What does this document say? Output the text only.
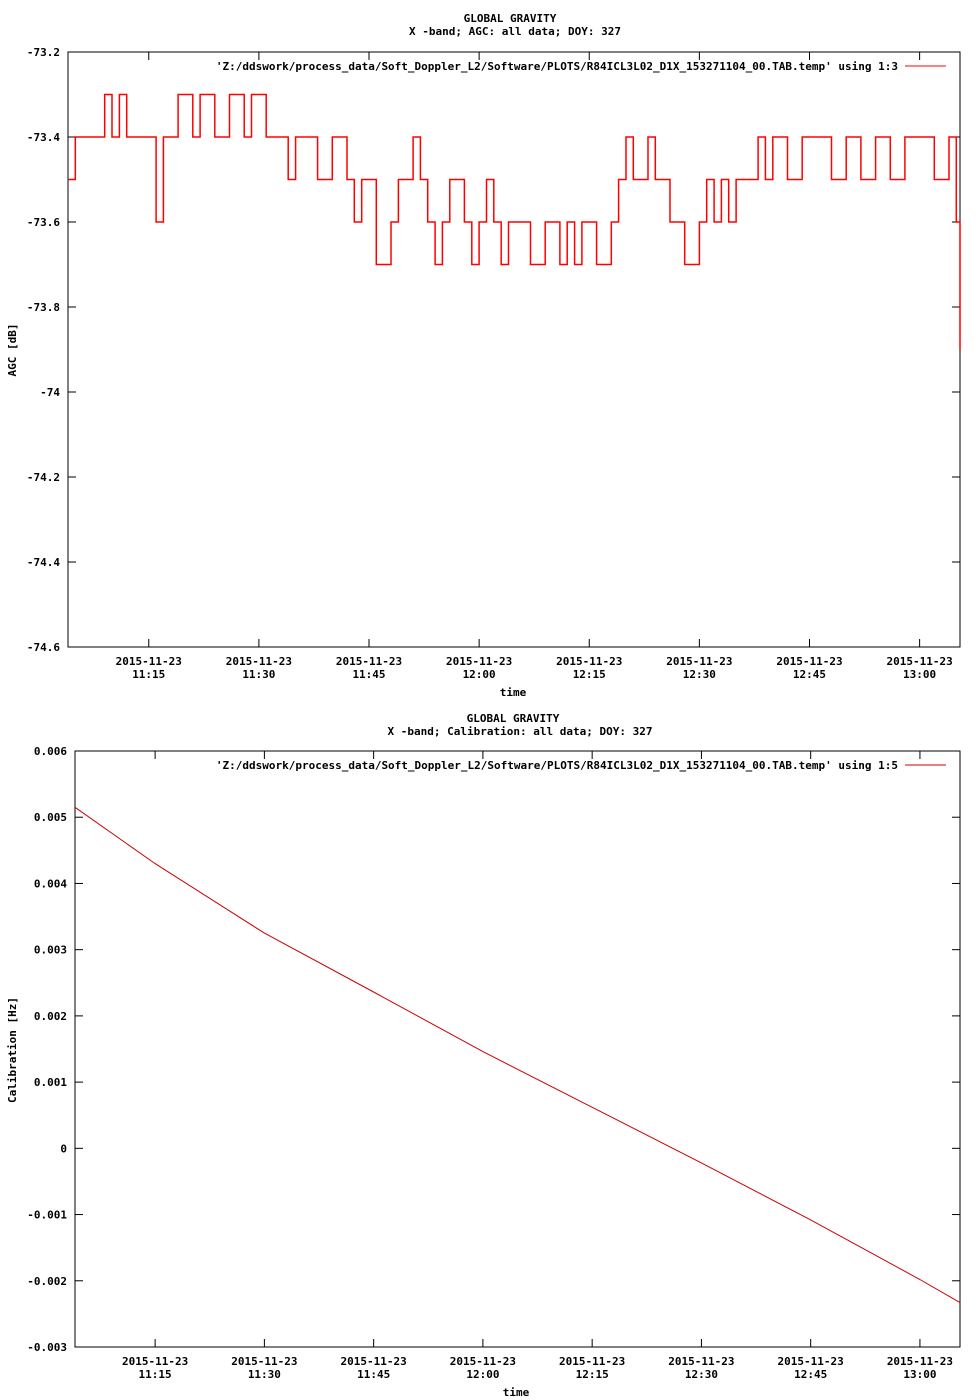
GLOBAL GRAVITY
X -band; AGC: all data; DOY: 327
-73.2
-73.4
-73.6
-73.8
-74
-74.2
-74.4
-74.6
2015-11-23
11:15
2015-11-23
11:30
2015-11-23
11:45
2015-11-23
12:00
2015-11-23
12:15
2015-11-23
12:30
2015-11-23
12:45
2015-11-23
13:00
'Z:/ddswork/process_data/Soft_Doppler_L2/Software/PLOTS/R84ICL3L02_D1X_153271104_00.TAB.temp' using 1:3
time
AGC [dB]
GLOBAL GRAVITY
X -band; Calibration: all data; DOY: 327
0.006
0.005
0.004
0.003
0.002
0.001
0
-0.001
-0.002
-0.003
2015-11-23
11:15
2015-11-23
11:30
2015-11-23
11:45
2015-11-23
12:00
2015-11-23
12:15
2015-11-23
12:30
2015-11-23
12:45
2015-11-23
13:00
'Z:/ddswork/process_data/Soft_Doppler_L2/Software/PLOTS/R84ICL3L02_D1X_153271104_00.TAB.temp' using 1:5
time
Calibration [Hz]
